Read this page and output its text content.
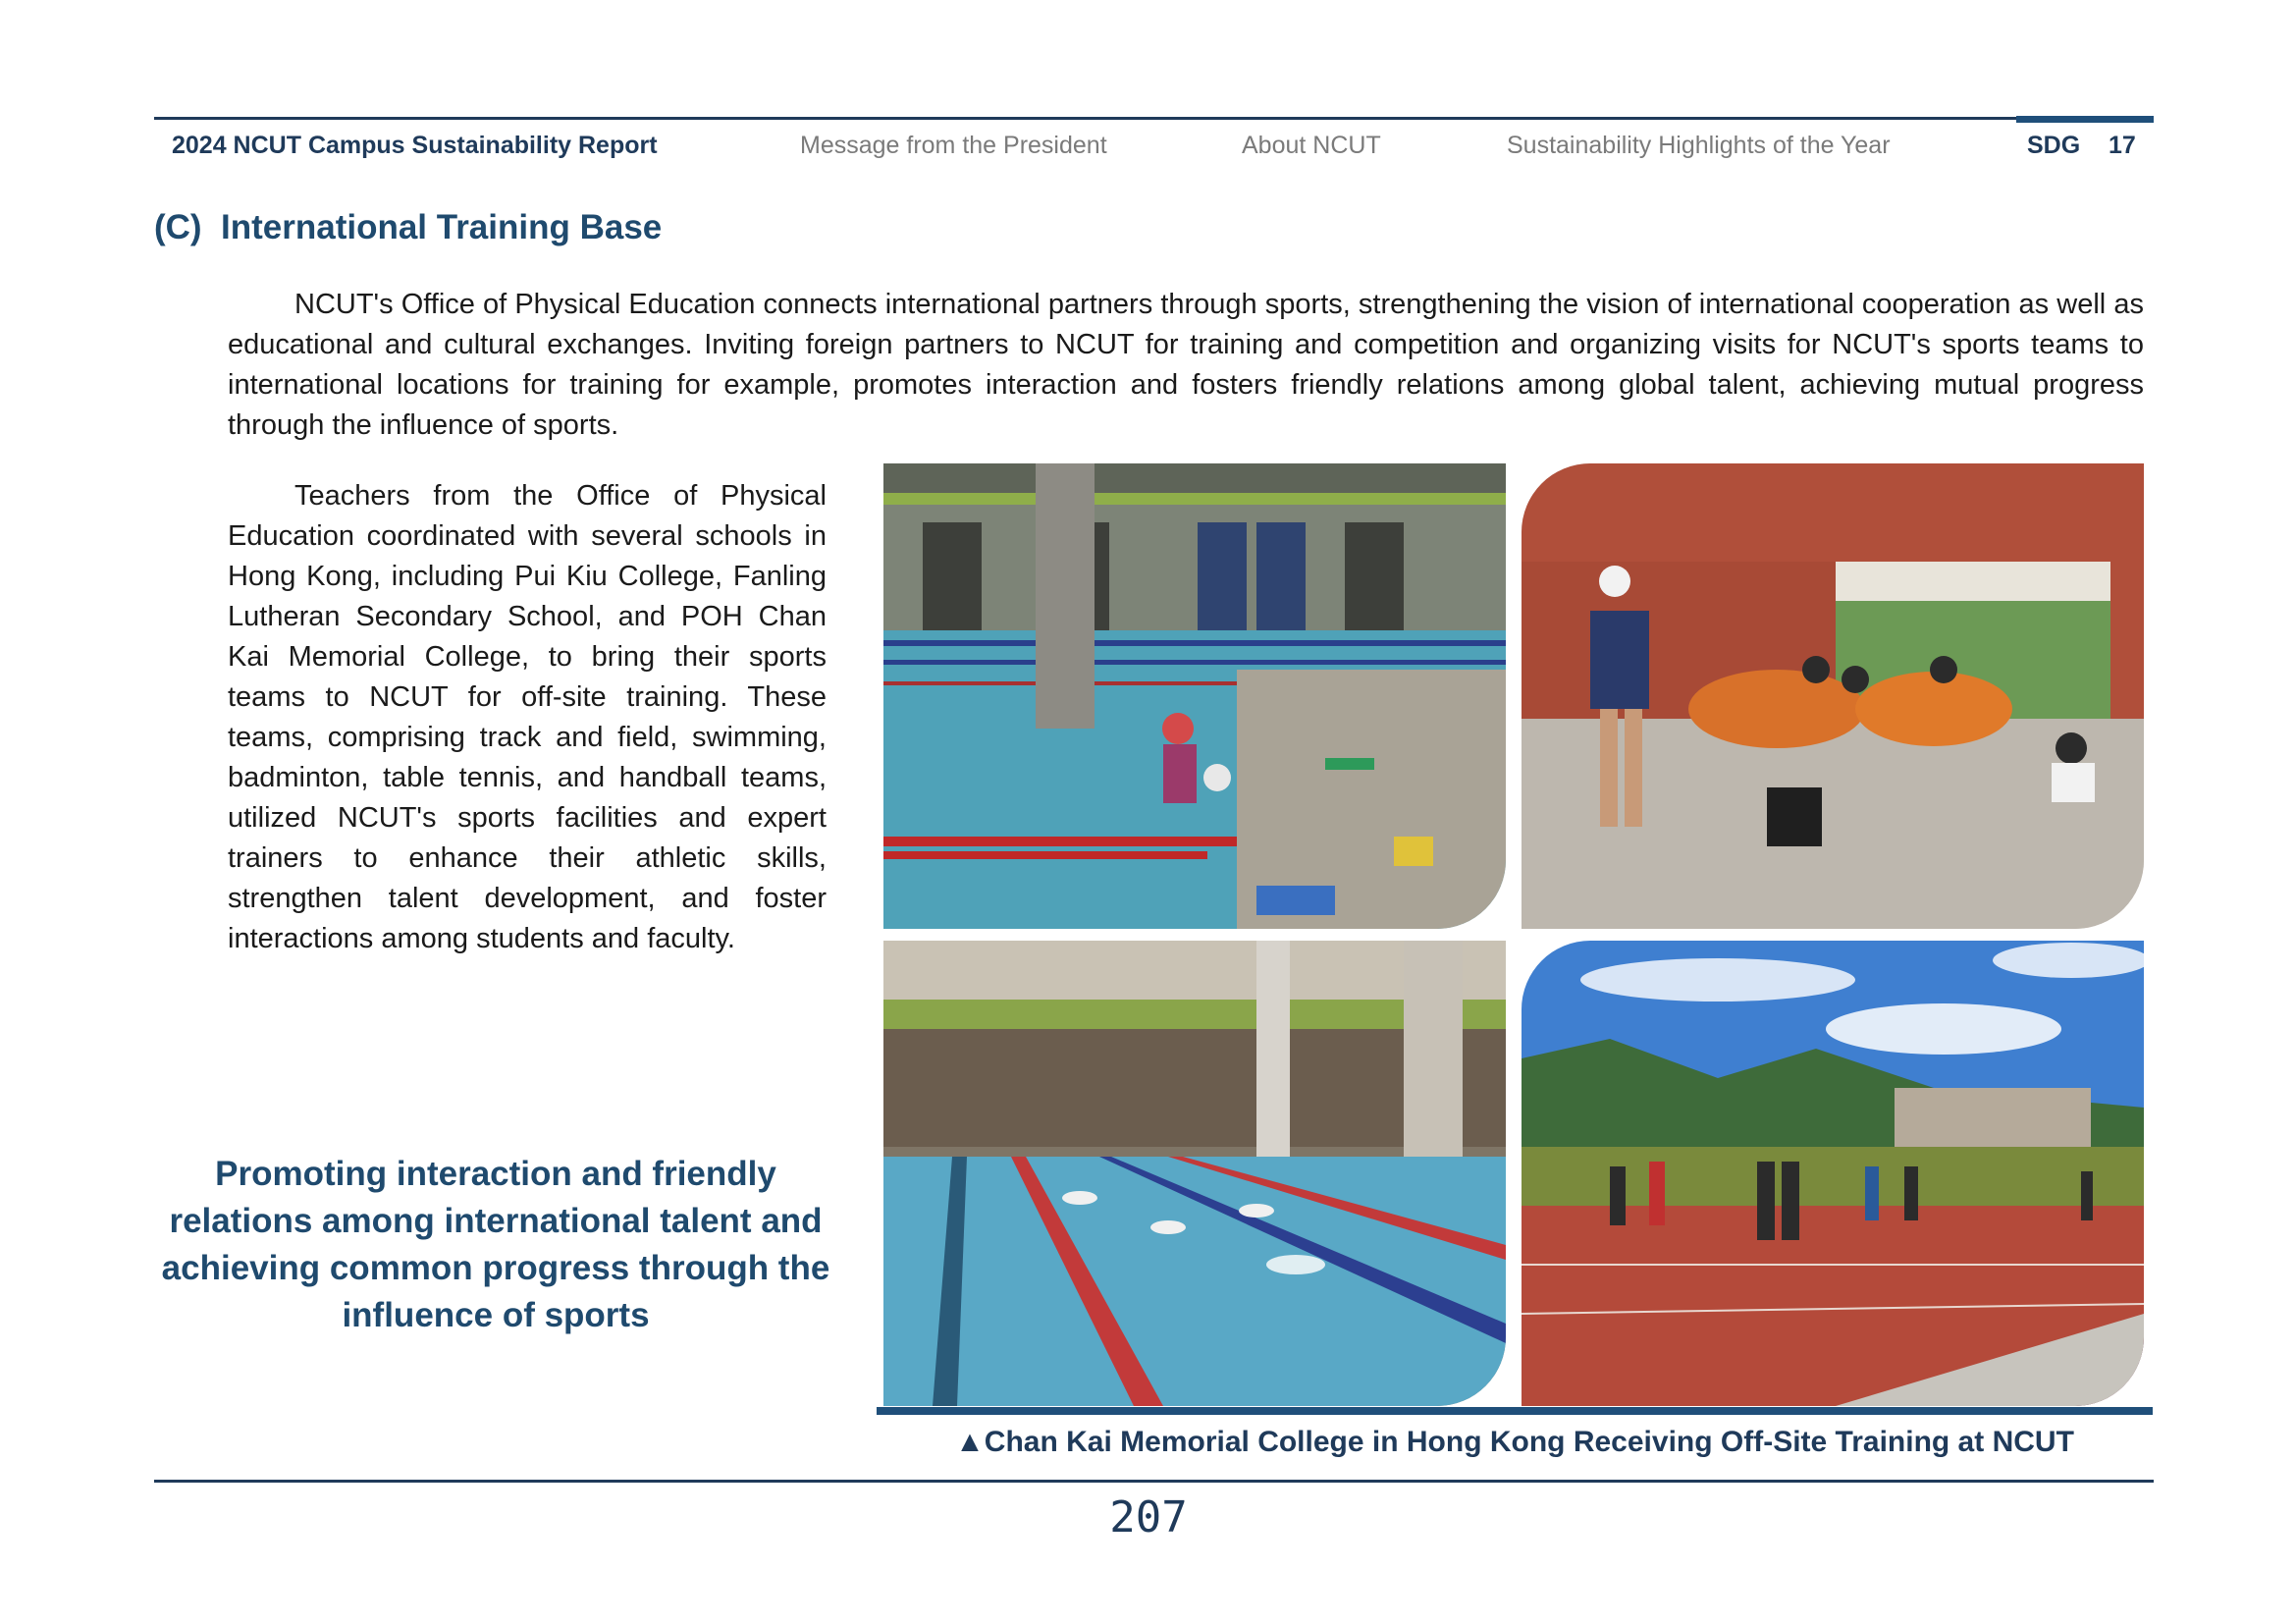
2024 NCUT Campus Sustainability Report	Message from the President	About NCUT	Sustainability Highlights of the Year	SDG 17
(C) International Training Base

NCUT's Office of Physical Education connects international partners through sports, strengthening the vision of international cooperation as well as educational and cultural exchanges. Inviting foreign partners to NCUT for training and competition and organizing visits for NCUT's sports teams to international locations for training for example, promotes interaction and fosters friendly relations among global talent, achieving mutual progress through the influence of sports.

Teachers from the Office of Physical Education coordinated with several schools in Hong Kong, including Pui Kiu College, Fanling Lutheran Secondary School, and POH Chan Kai Memorial College, to bring their sports teams to NCUT for off-site training. These teams, comprising track and field, swimming, badminton, table tennis, and handball teams, utilized NCUT's sports facilities and expert trainers to enhance their athletic skills, strengthen talent development, and foster interactions among students and faculty.

Promoting interaction and friendly relations among international talent and achieving common progress through the influence of sports
▲Chan Kai Memorial College in Hong Kong Receiving Off-Site Training at NCUT
207
